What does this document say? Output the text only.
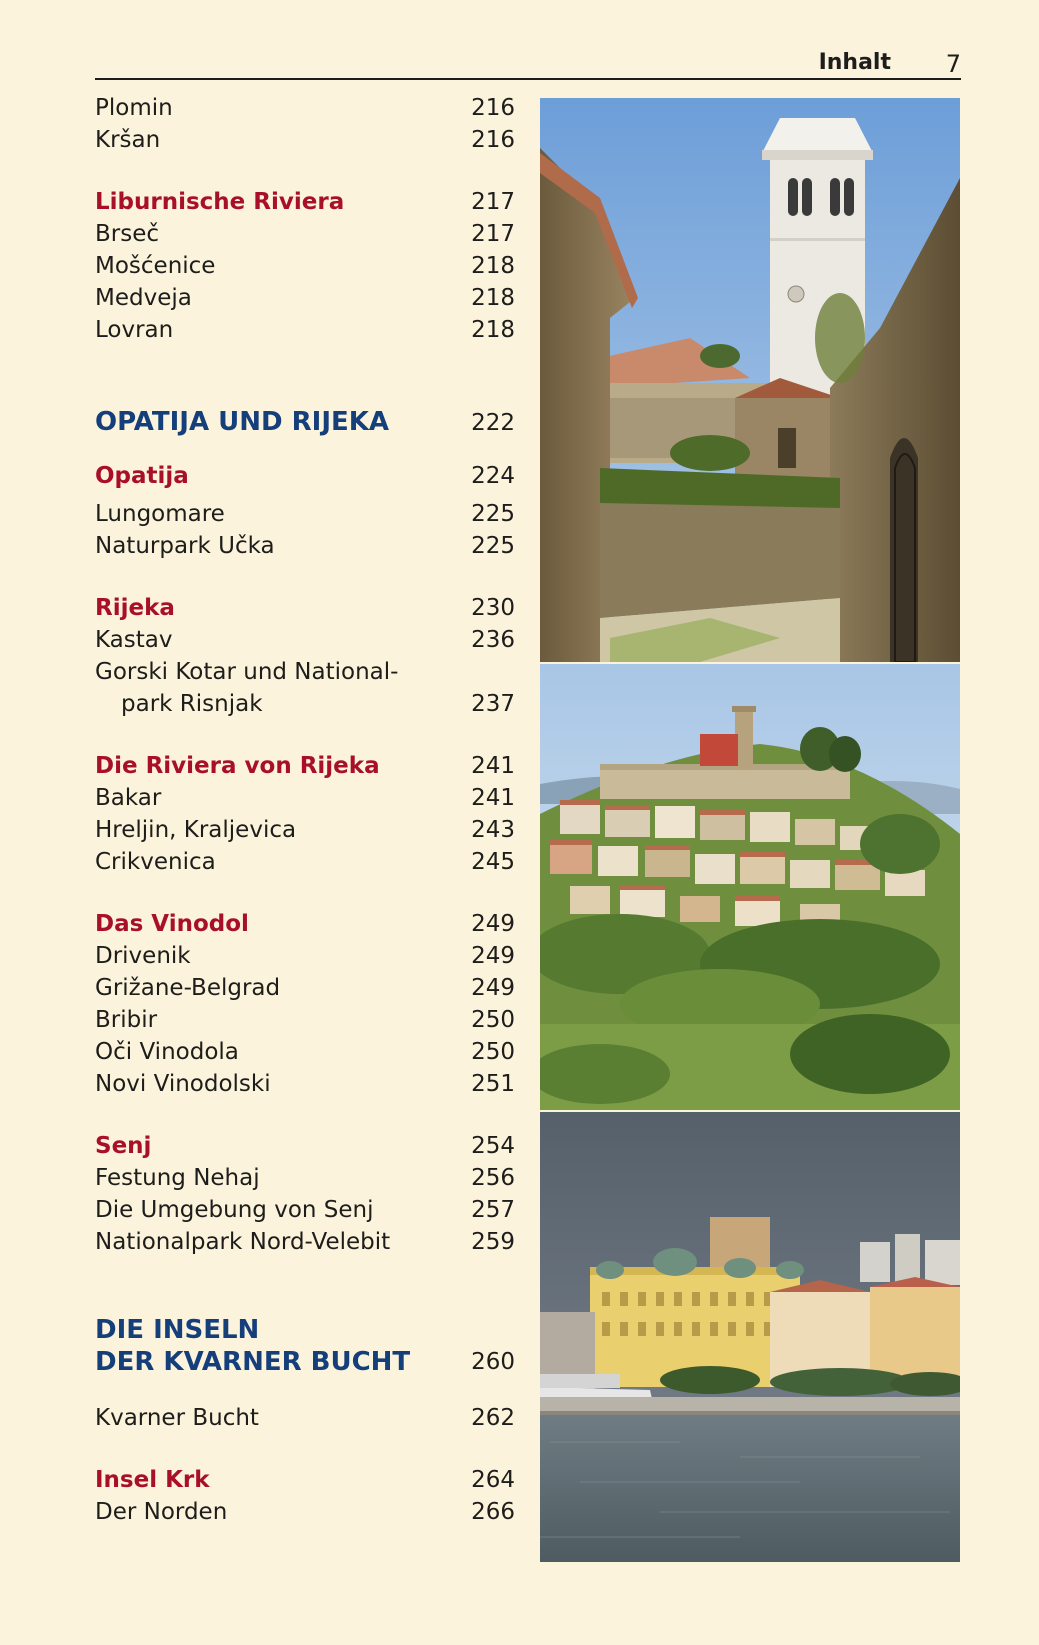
Inhalt 7
Plomin	216
Kršan	216
Liburnische Riviera	217
Brseč	217
Mošćenice	218
Medveja	218
Lovran	218
OPATIJA UND RIJEKA	222
Opatija	224
Lungomare	225
Naturpark Učka	225
Rijeka	230
Kastav	236
Gorski Kotar und National-
park Risnjak	237
Die Riviera von Rijeka	241
Bakar	241
Hreljin, Kraljevica	243
Crikvenica	245
Das Vinodol	249
Drivenik	249
Grižane-Belgrad	249
Bribir	250
Oči Vinodola	250
Novi Vinodolski	251
Senj	254
Festung Nehaj	256
Die Umgebung von Senj	257
Nationalpark Nord-Velebit	259
DIE INSELN
DER KVARNER BUCHT	260
Kvarner Bucht	262
Insel Krk	264
Der Norden	266
